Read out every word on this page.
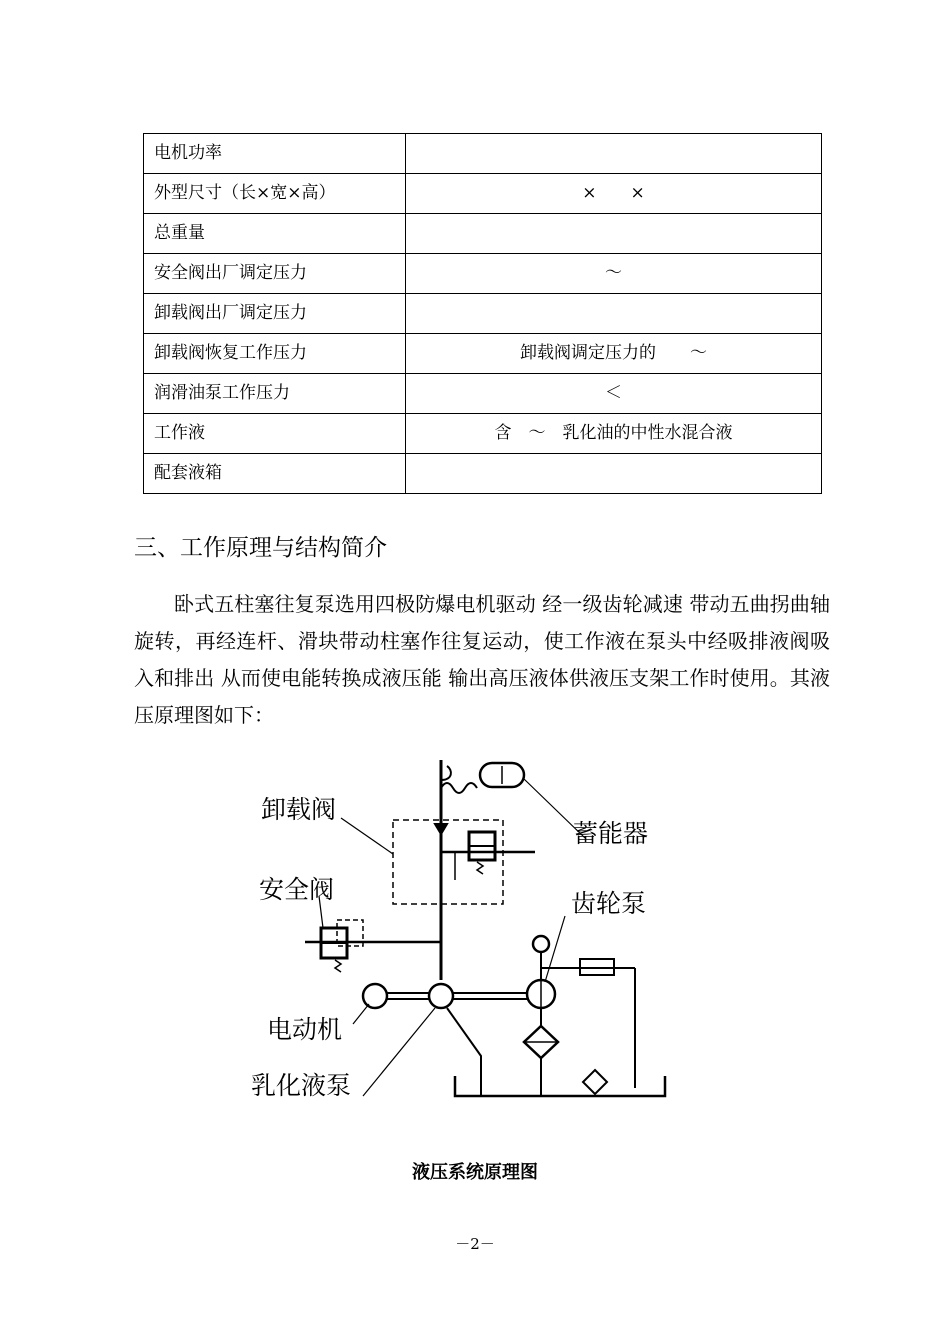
电机功率	
外型尺寸（长×宽×高）	×　　×
总重量	
安全阀出厂调定压力	～
卸载阀出厂调定压力	
卸载阀恢复工作压力	卸载阀调定压力的　　～
润滑油泵工作压力	＜
工作液	含　～　乳化油的中性水混合液
配套液箱	
三、工作原理与结构简介

卧式五柱塞往复泵选用四极防爆电机驱动 经一级齿轮减速 带动五曲拐曲轴旋转，再经连杆、滑块带动柱塞作往复运动，使工作液在泵头中经吸排液阀吸入和排出 从而使电能转换成液压能 输出高压液体供液压支架工作时使用。其液压原理图如下：

卸载阀
蓄能器
安全阀	齿轮泵
电动机
乳化液泵
液压系统原理图
－2－
